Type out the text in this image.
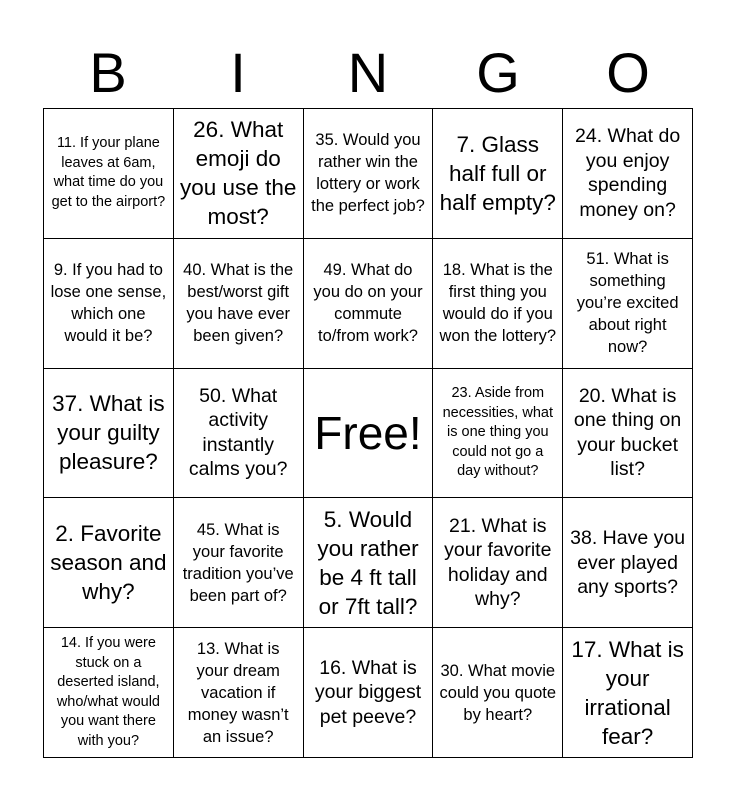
B	I	N	G	O
11. If your plane leaves at 6am, what time do you get to the airport?
26. What emoji do you use the most?
35. Would you rather win the lottery or work the perfect job?
7. Glass half full or half empty?
24. What do you enjoy spending money on?
9. If you had to lose one sense, which one would it be?
40. What is the best/worst gift you have ever been given?
49. What do you do on your commute to/from work?
18. What is the first thing you would do if you won the lottery?
51. What is something you’re excited about right now?
37. What is your guilty pleasure?
50. What activity instantly calms you?
Free!
23. Aside from necessities, what is one thing you could not go a day without?
20. What is one thing on your bucket list?
2. Favorite season and why?
45. What is your favorite tradition you’ve been part of?
5. Would you rather be 4 ft tall or 7ft tall?
21. What is your favorite holiday and why?
38. Have you ever played any sports?
14. If you were stuck on a deserted island, who/what would you want there with you?
13. What is your dream vacation if money wasn’t an issue?
16. What is your biggest pet peeve?
30. What movie could you quote by heart?
17. What is your irrational fear?
